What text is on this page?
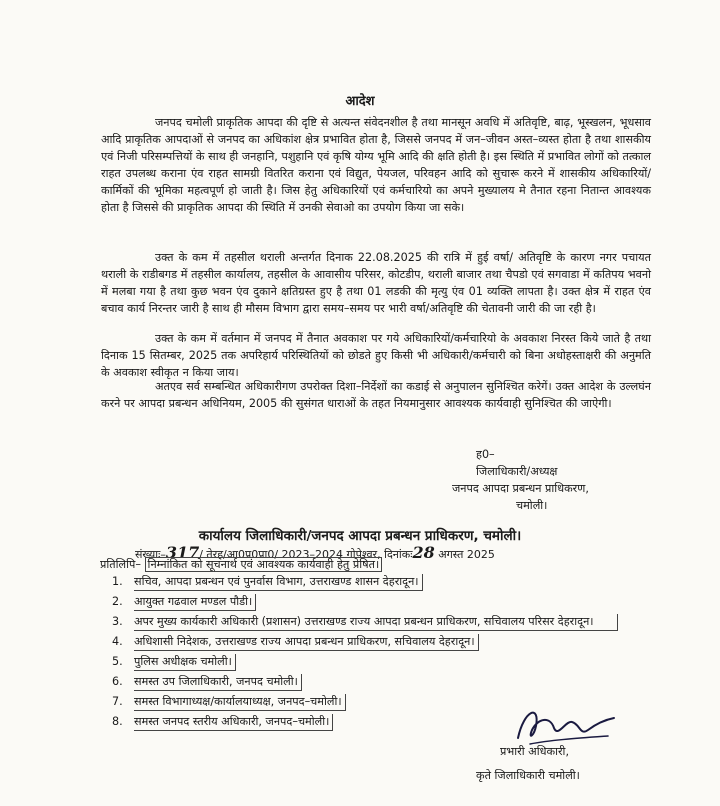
आदेश
जनपद चमोली प्राकृतिक आपदा की दृष्टि से अत्यन्त संवेदनशील है तथा मानसून अवधि में अतिवृष्टि, बाढ़, भूस्खलन, भूधसाव आदि प्राकृतिक आपदाओं से जनपद का अधिकांश क्षेत्र प्रभावित होता है, जिससे जनपद में जन–जीवन अस्त–व्यस्त होता है तथा शासकीय एवं निजी परिसम्पत्तियों के साथ ही जनहानि, पशुहानि एवं कृषि योग्य भूमि आदि की क्षति होती है। इस स्थिति में प्रभावित लोगों को तत्काल राहत उपलब्ध कराना एंव राहत सामग्री वितरित कराना एवं विद्युत, पेयजल, परिवहन आदि को सुचारू करने में शासकीय अधिकारियों/कार्मिकों की भूमिका महत्वपूर्ण हो जाती है। जिस हेतु अधिकारियों एवं कर्मचारियो का अपने मुख्यालय मे तैनात रहना नितान्त आवश्यक होता है जिससे की प्राकृतिक आपदा की स्थिति में उनकी सेवाओ का उपयोग किया जा सके।
उक्त के कम में तहसील थराली अन्तर्गत दिनाक 22.08.2025 की रात्रि में हुई वर्षा/ अतिवृष्टि के कारण नगर पचायत थराली के राडीबगड में तहसील कार्यालय, तहसील के आवासीय परिसर, कोटडीप, थराली बाजार तथा चैपडो एवं सगवाडा में कतिपय भवनो में मलबा गया है तथा कुछ भवन एंव दुकाने क्षतिग्रस्त हुए है तथा 01 लडकी की मृत्यु एंव 01 व्यक्ति लापता है। उक्त क्षेत्र में राहत एंव बचाव कार्य निरन्तर जारी है साथ ही मौसम विभाग द्वारा समय–समय पर भारी वर्षा/अतिवृष्टि की चेतावनी जारी की जा रही है।
उक्त के कम में वर्तमान में जनपद में तैनात अवकाश पर गये अधिकारियों/कर्मचारियो के अवकाश निरस्त किये जाते है तथा दिनाक 15 सितम्बर, 2025 तक अपरिहार्य परिस्थितियों को छोडते हुए किसी भी अधिकारी/कर्मचारी को बिना अधोहस्ताक्षरी की अनुमति के अवकाश स्वीकृत न किया जाय।
अतएव सर्व सम्बन्धित अधिकारीगण उपरोक्त दिशा–निर्देशों का कडाई से अनुपालन सुनिश्चित करेगें। उक्त आदेश के उल्लघंन करने पर आपदा प्रबन्धन अधिनियम, 2005 की सुसंगत धाराओं के तहत नियमानुसार आवश्यक कार्यवाही सुनिश्चित की जाऐगी।
ह0–
जिलाधिकारी/अध्यक्ष
जनपद आपदा प्रबन्धन प्राधिकरण,
चमोली।
कार्यालय जिलाधिकारी/जनपद आपदा प्रबन्धन प्राधिकरण, चमोली।
संख्याः–317/ तेरह/आ0प्र0प्रा0/ 2023–2024 गोपेश्वर, दिनांकः28 अगस्त 2025
प्रतिलिपि– निम्नांकित को सूचनार्थ एवं आवश्यक कार्यवाही हेतु प्रेषित।
1. सचिव, आपदा प्रबन्धन एवं पुनर्वास विभाग, उत्तराखण्ड शासन देहरादून।
2. आयुक्त गढवाल मण्डल पौडी।
3. अपर मुख्य कार्यकारी अधिकारी (प्रशासन) उत्तराखण्ड राज्य आपदा प्रबन्धन प्राधिकरण, सचिवालय परिसर देहरादून।
4. अधिशासी निदेशक, उत्तराखण्ड राज्य आपदा प्रबन्धन प्राधिकरण, सचिवालय देहरादून।
5. पुलिस अधीक्षक चमोली।
6. समस्त उप जिलाधिकारी, जनपद चमोली।
7. समस्त विभागाध्यक्ष/कार्यालयाध्यक्ष, जनपद–चमोली।
8. समस्त जनपद स्तरीय अधिकारी, जनपद–चमोली।
प्रभारी अधिकारी,
कृते जिलाधिकारी चमोली।
